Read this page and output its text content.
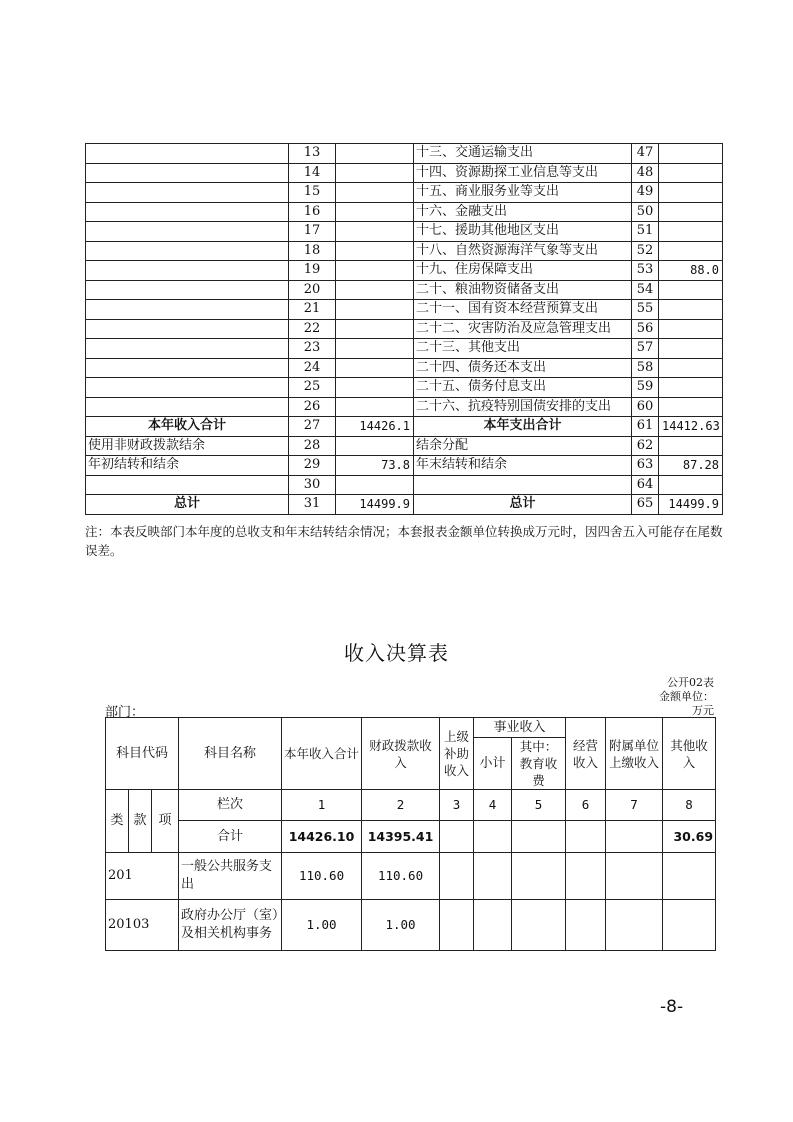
	13		十三、交通运输支出	47	
	14		十四、资源勘探工业信息等支出	48	
	15		十五、商业服务业等支出	49	
	16		十六、金融支出	50	
	17		十七、援助其他地区支出	51	
	18		十八、自然资源海洋气象等支出	52	
	19		十九、住房保障支出	53	88.0
	20		二十、粮油物资储备支出	54	
	21		二十一、国有资本经营预算支出	55	
	22		二十二、灾害防治及应急管理支出	56	
	23		二十三、其他支出	57	
	24		二十四、债务还本支出	58	
	25		二十五、债务付息支出	59	
	26		二十六、抗疫特别国债安排的支出	60	
本年收入合计	27	14426.1	本年支出合计	61	14412.63
使用非财政拨款结余	28		结余分配	62	
年初结转和结余	29	73.8	年末结转和结余	63	87.28
	30			64	
总计	31	14499.9	总计	65	14499.9
注：本表反映部门本年度的总收支和年末结转结余情况；本套报表金额单位转换成万元时，因四舍五入可能存在尾数误差。
收入决算表
公开02表
金额单位：
万元
部门：
科目代码			科目名称	本年收入合计	财政拨款收入	上级补助收入	事业收入		经营收入	附属单位上缴收入	其他收入
							小计	其中：教育收费			

类	款	项	栏次	1	2	3	4	5	6	7	8
			合计	14426.10	14395.41						30.69
201			一般公共服务支出	110.60	110.60						
20103			政府办公厅（室）及相关机构事务	1.00	1.00						
-8-
